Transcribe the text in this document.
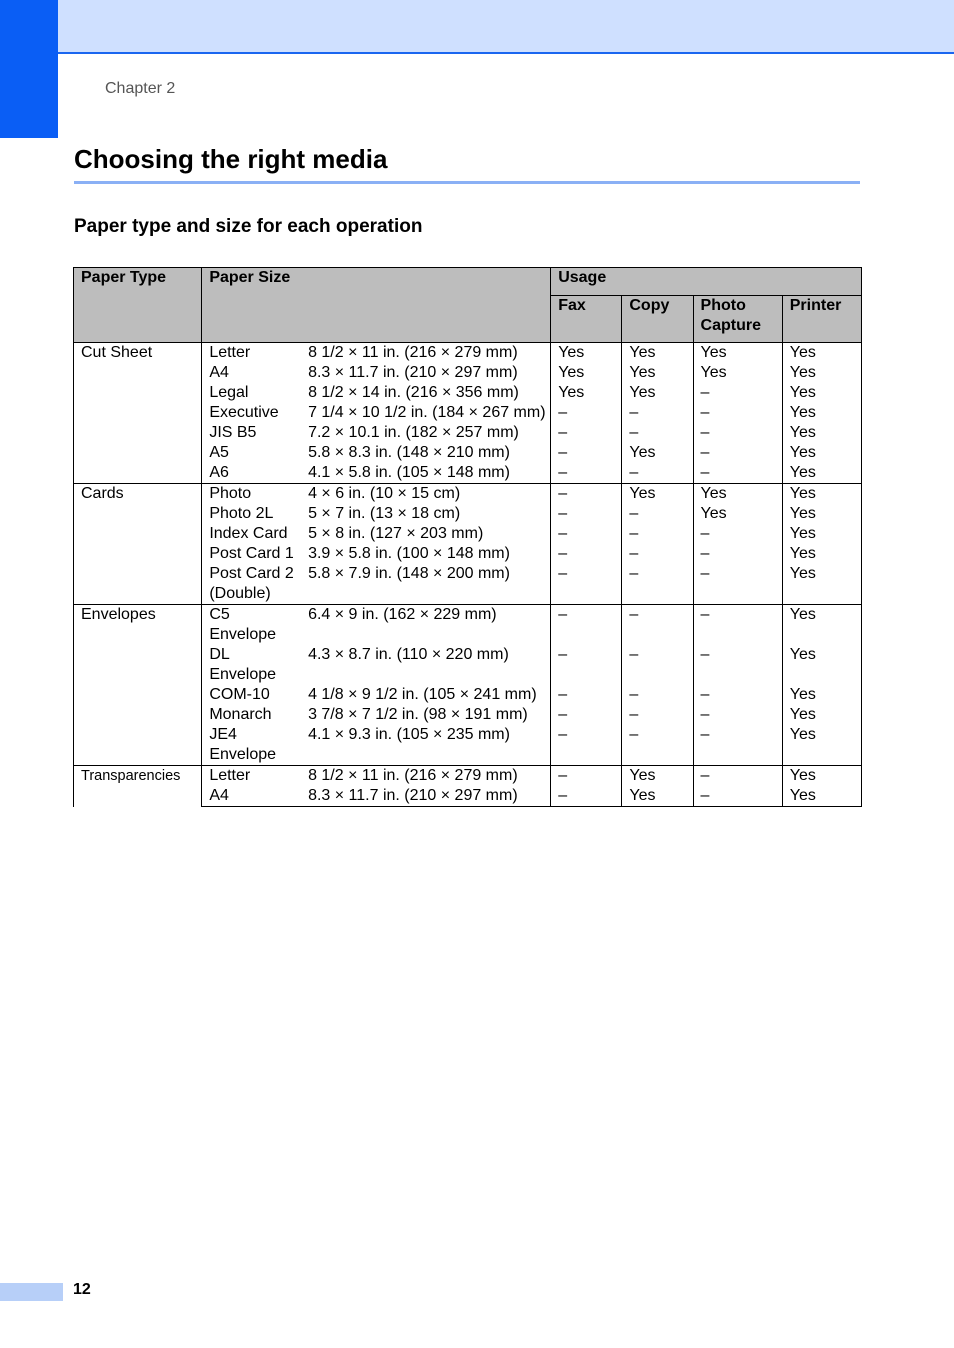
Chapter 2
Choosing the right media
Paper type and size for each operation
Paper Type	Paper Size		Usage			
			Fax	Copy	Photo Capture	Printer
Cut Sheet	Letter	8 1/2 × 11 in. (216 × 279 mm)	Yes	Yes	Yes	Yes
	A4	8.3 × 11.7 in. (210 × 297 mm)	Yes	Yes	Yes	Yes
	Legal	8 1/2 × 14 in. (216 × 356 mm)	Yes	Yes	–	Yes
	Executive	7 1/4 × 10 1/2 in. (184 × 267 mm)	–	–	–	Yes
	JIS B5	7.2 × 10.1 in. (182 × 257 mm)	–	–	–	Yes
	A5	5.8 × 8.3 in. (148 × 210 mm)	–	Yes	–	Yes
	A6	4.1 × 5.8 in. (105 × 148 mm)	–	–	–	Yes
Cards	Photo	4 × 6 in. (10 × 15 cm)	–	Yes	Yes	Yes
	Photo 2L	5 × 7 in. (13 × 18 cm)	–	–	Yes	Yes
	Index Card	5 × 8 in. (127 × 203 mm)	–	–	–	Yes
	Post Card 1	3.9 × 5.8 in. (100 × 148 mm)	–	–	–	Yes
	Post Card 2 (Double)	5.8 × 7.9 in. (148 × 200 mm)	–	–	–	Yes
Envelopes	C5 Envelope	6.4 × 9 in. (162 × 229 mm)	–	–	–	Yes
	DL Envelope	4.3 × 8.7 in. (110 × 220 mm)	–	–	–	Yes
	COM-10	4 1/8 × 9 1/2 in. (105 × 241 mm)	–	–	–	Yes
	Monarch	3 7/8 × 7 1/2 in. (98 × 191 mm)	–	–	–	Yes
	JE4 Envelope	4.1 × 9.3 in. (105 × 235 mm)	–	–	–	Yes
Transparencies	Letter	8 1/2 × 11 in. (216 × 279 mm)	–	Yes	–	Yes
	A4	8.3 × 11.7 in. (210 × 297 mm)	–	Yes	–	Yes
12
